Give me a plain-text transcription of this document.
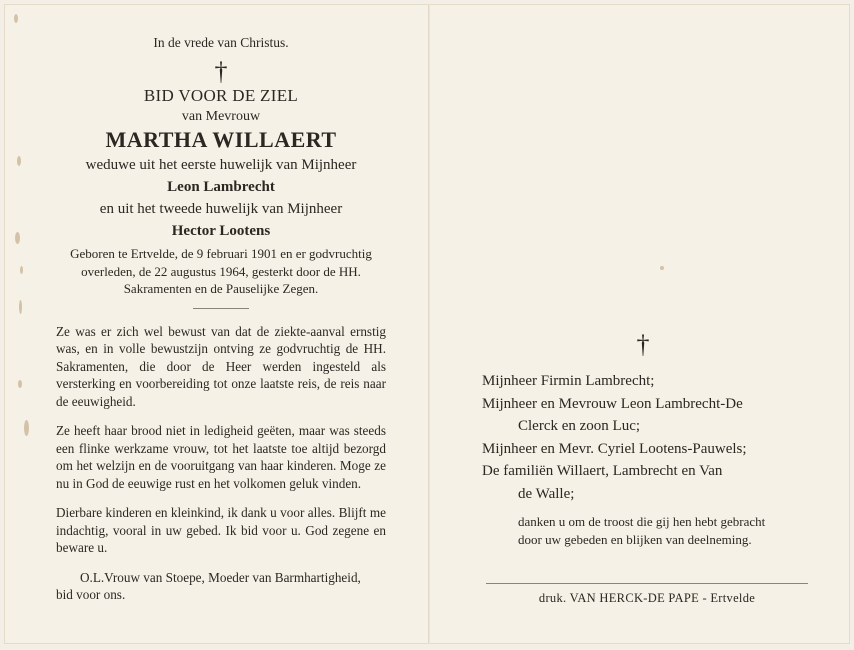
In de vrede van Christus.
†
BID VOOR DE ZIEL
van Mevrouw
MARTHA WILLAERT
weduwe uit het eerste huwelijk van Mijnheer
Leon Lambrecht
en uit het tweede huwelijk van Mijnheer
Hector Lootens
Geboren te Ertvelde, de 9 februari 1901 en er godvruchtig
overleden, de 22 augustus 1964, gesterkt door de HH.
Sakramenten en de Pauselijke Zegen.

Ze was er zich wel bewust van dat de ziekte-aanval ernstig was, en in volle bewustzijn ontving ze godvruchtig de HH. Sakramenten, die door de Heer werden ingesteld als versterking en voorbereiding tot onze laatste reis, de reis naar de eeuwigheid.

Ze heeft haar brood niet in ledigheid geëten, maar was steeds een flinke werkzame vrouw, tot het laatste toe altijd bezorgd om het welzijn en de vooruitgang van haar kinderen. Moge ze nu in God de eeuwige rust en het volkomen geluk vinden.

Dierbare kinderen en kleinkind, ik dank u voor alles. Blijft me indachtig, vooral in uw gebed. Ik bid voor u. God zegene en beware u.

O.L.Vrouw van Stoepe, Moeder van Barmhartigheid,
bid voor ons.
†
Mijnheer Firmin Lambrecht;
Mijnheer en Mevrouw Leon Lambrecht-De
Clerck en zoon Luc;
Mijnheer en Mevr. Cyriel Lootens-Pauwels;
De familiën Willaert, Lambrecht en Van
de Walle;
danken u om de troost die gij hen hebt gebracht
door uw gebeden en blijken van deelneming.
druk. VAN HERCK-DE PAPE - Ertvelde
